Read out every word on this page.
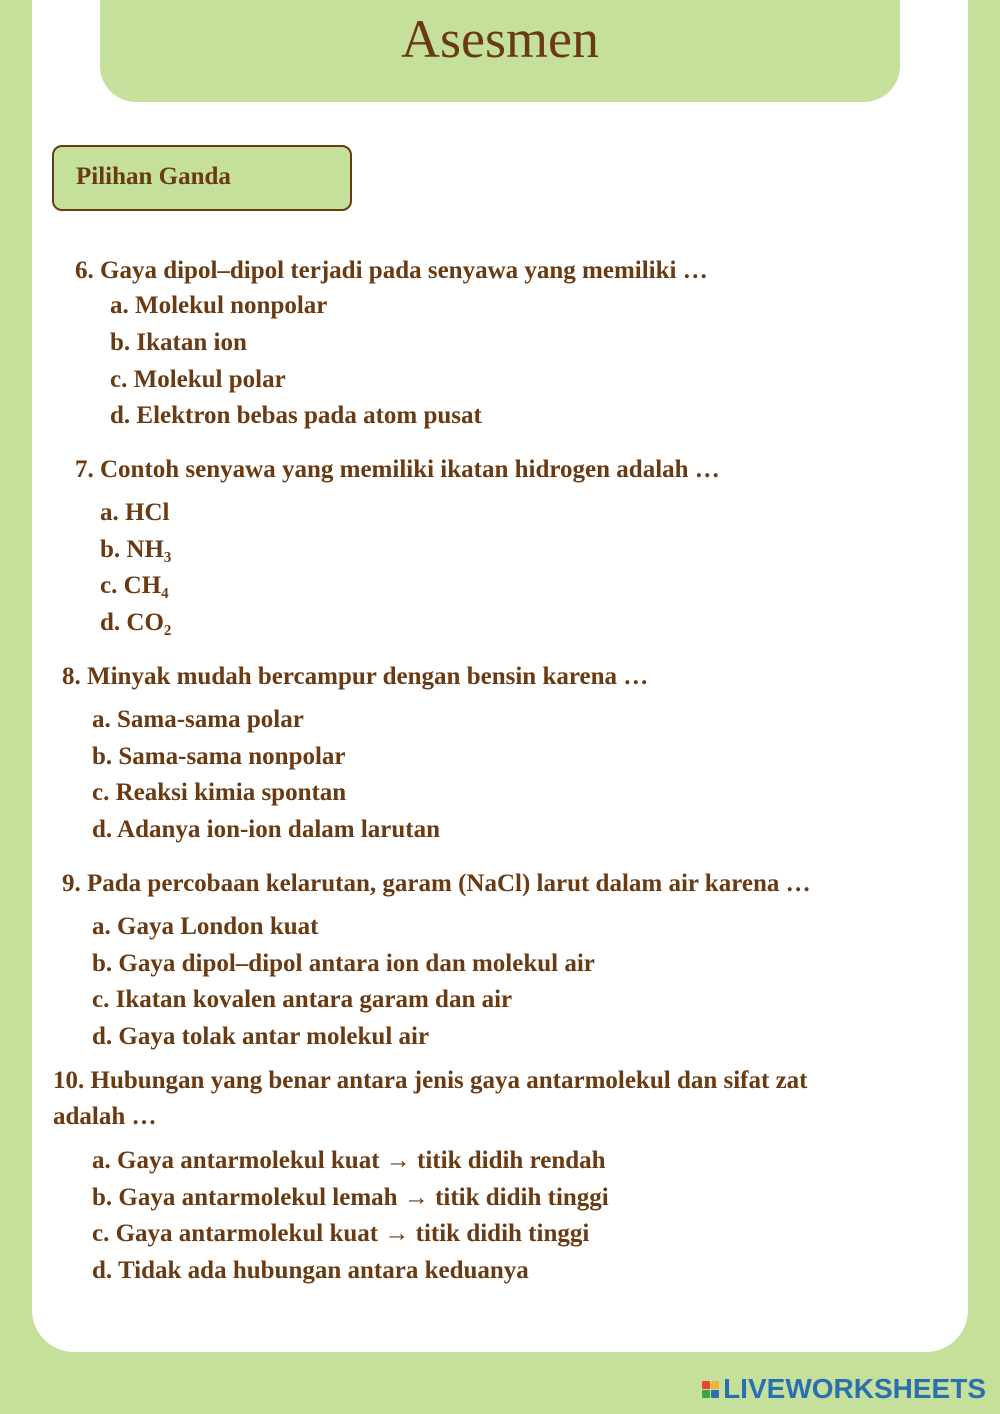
Asesmen
Pilihan Ganda
6. Gaya dipol–dipol terjadi pada senyawa yang memiliki …
a. Molekul nonpolar
b. Ikatan ion
c. Molekul polar
d. Elektron bebas pada atom pusat
7. Contoh senyawa yang memiliki ikatan hidrogen adalah …
a. HCl
b. NH₃
c. CH₄
d. CO₂
8. Minyak mudah bercampur dengan bensin karena …
a. Sama-sama polar
b. Sama-sama nonpolar
c. Reaksi kimia spontan
d. Adanya ion-ion dalam larutan
9. Pada percobaan kelarutan, garam (NaCl) larut dalam air karena …
a. Gaya London kuat
b. Gaya dipol–dipol antara ion dan molekul air
c. Ikatan kovalen antara garam dan air
d. Gaya tolak antar molekul air
10. Hubungan yang benar antara jenis gaya antarmolekul dan sifat zat
adalah …
a. Gaya antarmolekul kuat → titik didih rendah
b. Gaya antarmolekul lemah → titik didih tinggi
c. Gaya antarmolekul kuat → titik didih tinggi
d. Tidak ada hubungan antara keduanya
LIVEWORKSHEETS
